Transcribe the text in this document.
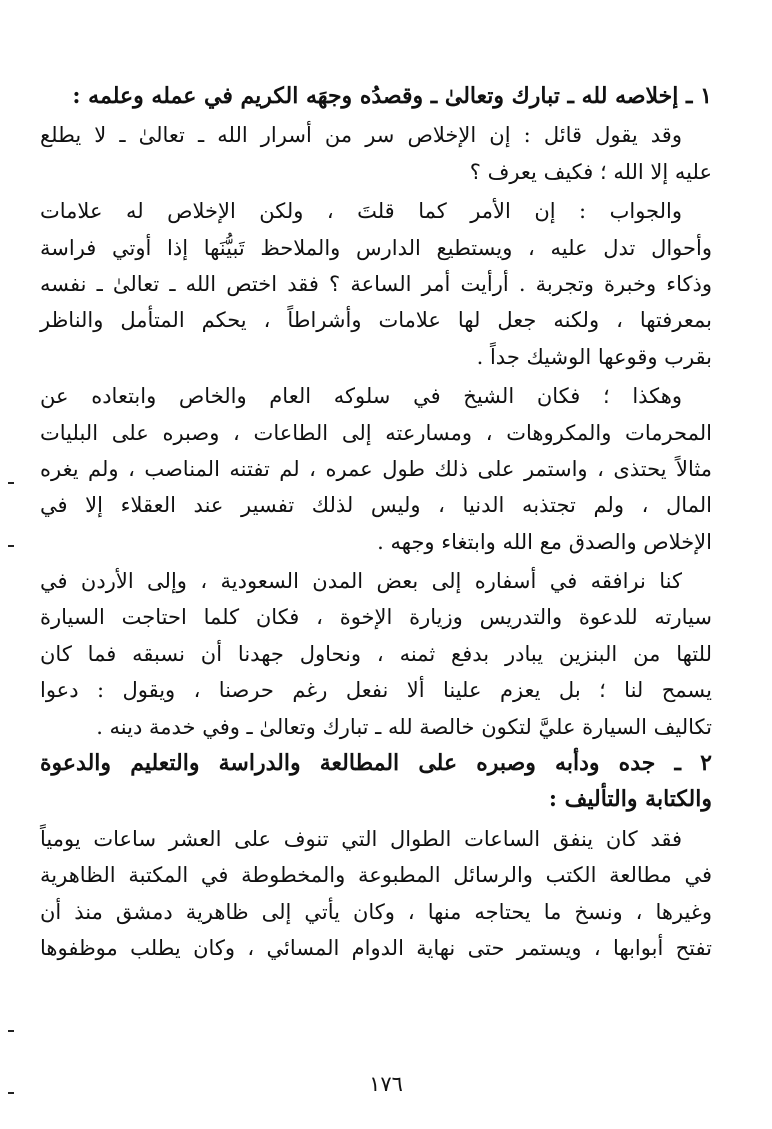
١ ـ إخلاصه لله ـ تبارك وتعالىٰ ـ وقصدُه وجهَه الكريم في عمله وعلمه :
وقد يقول قائل : إن الإخلاص سر من أسرار الله ـ تعالىٰ ـ لا يطلع
عليه إلا الله ؛ فكيف يعرف ؟
والجواب : إن الأمر كما قلتَ ، ولكن الإخلاص له علامات
وأحوال تدل عليه ، ويستطيع الدارس والملاحظ تَبيُّنَها إذا أوتي فراسة
وذكاء وخبرة وتجربة . أرأيت أمر الساعة ؟ فقد اختص الله ـ تعالىٰ ـ نفسه
بمعرفتها ، ولكنه جعل لها علامات وأشراطاً ، يحكم المتأمل والناظر
بقرب وقوعها الوشيك جداً .
وهكذا ؛ فكان الشيخ في سلوكه العام والخاص وابتعاده عن
المحرمات والمكروهات ، ومسارعته إلى الطاعات ، وصبره على البليات
مثالاً يحتذى ، واستمر على ذلك طول عمره ، لم تفتنه المناصب ، ولم يغره
المال ، ولم تجتذبه الدنيا ، وليس لذلك تفسير عند العقلاء إلا في
الإخلاص والصدق مع الله وابتغاء وجهه .
كنا نرافقه في أسفاره إلى بعض المدن السعودية ، وإلى الأردن في
سيارته للدعوة والتدريس وزيارة الإخوة ، فكان كلما احتاجت السيارة
للتها من البنزين يبادر بدفع ثمنه ، ونحاول جهدنا أن نسبقه فما كان
يسمح لنا ؛ بل يعزم علينا ألا نفعل رغم حرصنا ، ويقول : دعوا
تكاليف السيارة عليَّ لتكون خالصة لله ـ تبارك وتعالىٰ ـ وفي خدمة دينه .
٢ ـ جده ودأبه وصبره على المطالعة والدراسة والتعليم والدعوة
والكتابة والتأليف :
فقد كان ينفق الساعات الطوال التي تنوف على العشر ساعات يومياً
في مطالعة الكتب والرسائل المطبوعة والمخطوطة في المكتبة الظاهرية
وغيرها ، ونسخ ما يحتاجه منها ، وكان يأتي إلى ظاهرية دمشق منذ أن
تفتح أبوابها ، ويستمر حتى نهاية الدوام المسائي ، وكان يطلب موظفوها
١٧٦
